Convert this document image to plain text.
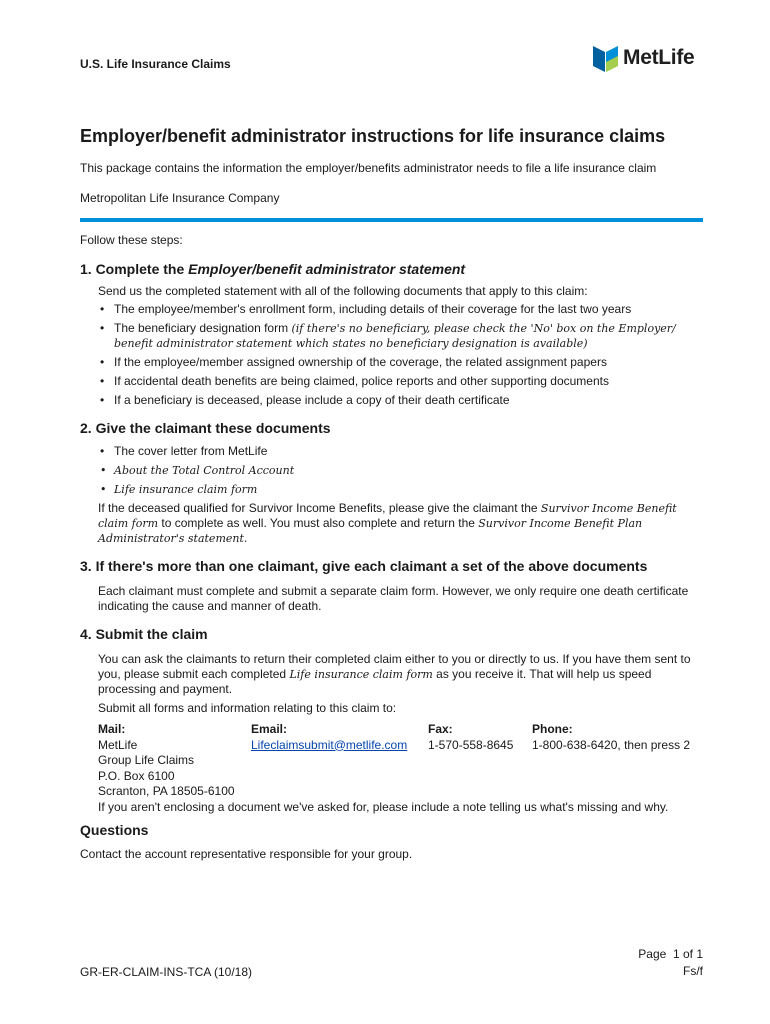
U.S. Life Insurance Claims	MetLife
Employer/benefit administrator instructions for life insurance claims

This package contains the information the employer/benefits administrator needs to file a life insurance claim

Metropolitan Life Insurance Company

Follow these steps:

1. Complete the Employer/benefit administrator statement

Send us the completed statement with all of the following documents that apply to this claim:

• The employee/member's enrollment form, including details of their coverage for the last two years
• The beneficiary designation form (if there's no beneficiary, please check the 'No' box on the Employer/ benefit administrator statement which states no beneficiary designation is available)
• If the employee/member assigned ownership of the coverage, the related assignment papers
• If accidental death benefits are being claimed, police reports and other supporting documents
• If a beneficiary is deceased, please include a copy of their death certificate
2. Give the claimant these documents
• The cover letter from MetLife
• About the Total Control Account
• Life insurance claim form

If the deceased qualified for Survivor Income Benefits, please give the claimant the Survivor Income Benefit claim form to complete as well. You must also complete and return the Survivor Income Benefit Plan Administrator's statement.

3. If there's more than one claimant, give each claimant a set of the above documents

Each claimant must complete and submit a separate claim form. However, we only require one death certificate indicating the cause and manner of death.

4. Submit the claim

You can ask the claimants to return their completed claim either to you or directly to us. If you have them sent to you, please submit each completed Life insurance claim form as you receive it. That will help us speed processing and payment.

Submit all forms and information relating to this claim to:

Mail:
MetLife
Group Life Claims
P.O. Box 6100
Scranton, PA 18505-6100
Email:
Lifeclaimsubmit@metlife.com
Fax:
1-570-558-8645
Phone:
1-800-638-6420, then press 2

If you aren't enclosing a document we've asked for, please include a note telling us what's missing and why.

Questions

Contact the account representative responsible for your group.

Page  1 of 1
Fs/f
GR-ER-CLAIM-INS-TCA (10/18)
